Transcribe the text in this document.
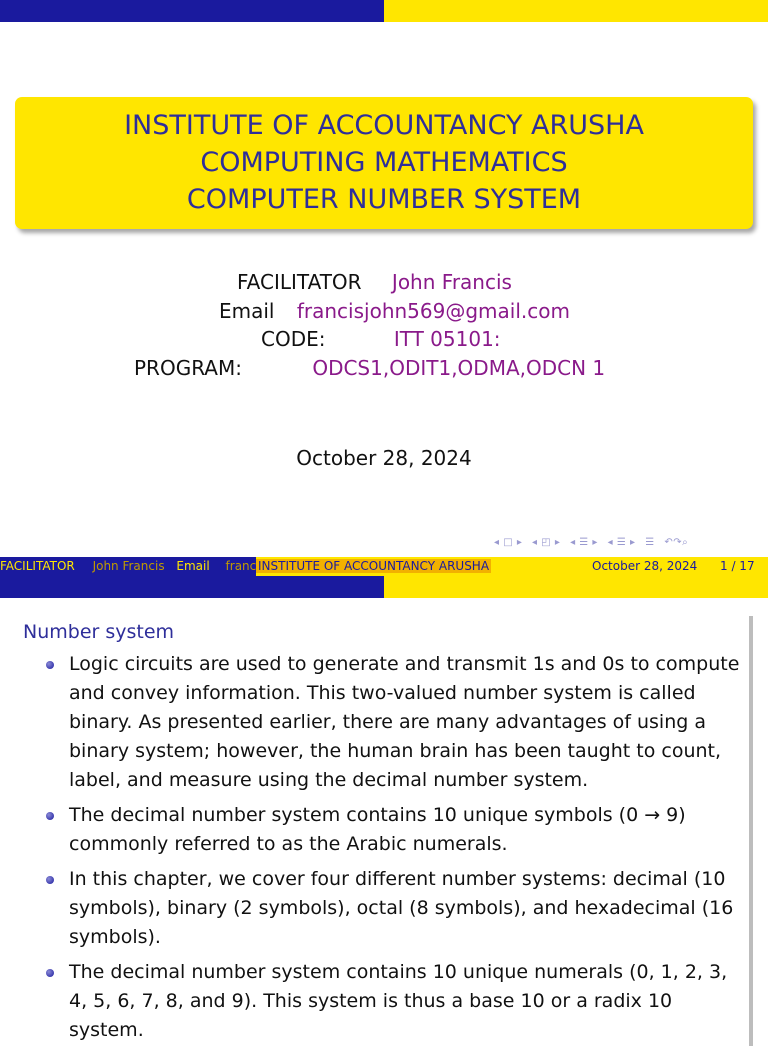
INSTITUTE OF ACCOUNTANCY ARUSHA
COMPUTING MATHEMATICS
COMPUTER NUMBER SYSTEM
FACILITATOR John Francis
Email francisjohn569@gmail.com
CODE:	ITT 05101:
PROGRAM:	ODCS1,ODIT1,ODMA,ODCN 1
October 28, 2024
◂ □ ▸ ◂ ◰ ▸ ◂ ☰ ▸ ◂ ☰ ▸ ☰ ↶↷⌕
FACILITATOR John Francis Email franc INSTITUTE OF ACCOUNTANCY ARUSHA	October 28, 2024 1 / 17
Number system
Logic circuits are used to generate and transmit 1s and 0s to compute and convey information. This two-valued number system is called binary. As presented earlier, there are many advantages of using a binary system; however, the human brain has been taught to count, label, and measure using the decimal number system.
The decimal number system contains 10 unique symbols (0 → 9) commonly referred to as the Arabic numerals.
In this chapter, we cover four different number systems: decimal (10 symbols), binary (2 symbols), octal (8 symbols), and hexadecimal (16 symbols).
The decimal number system contains 10 unique numerals (0, 1, 2, 3, 4, 5, 6, 7, 8, and 9). This system is thus a base 10 or a radix 10 system.
